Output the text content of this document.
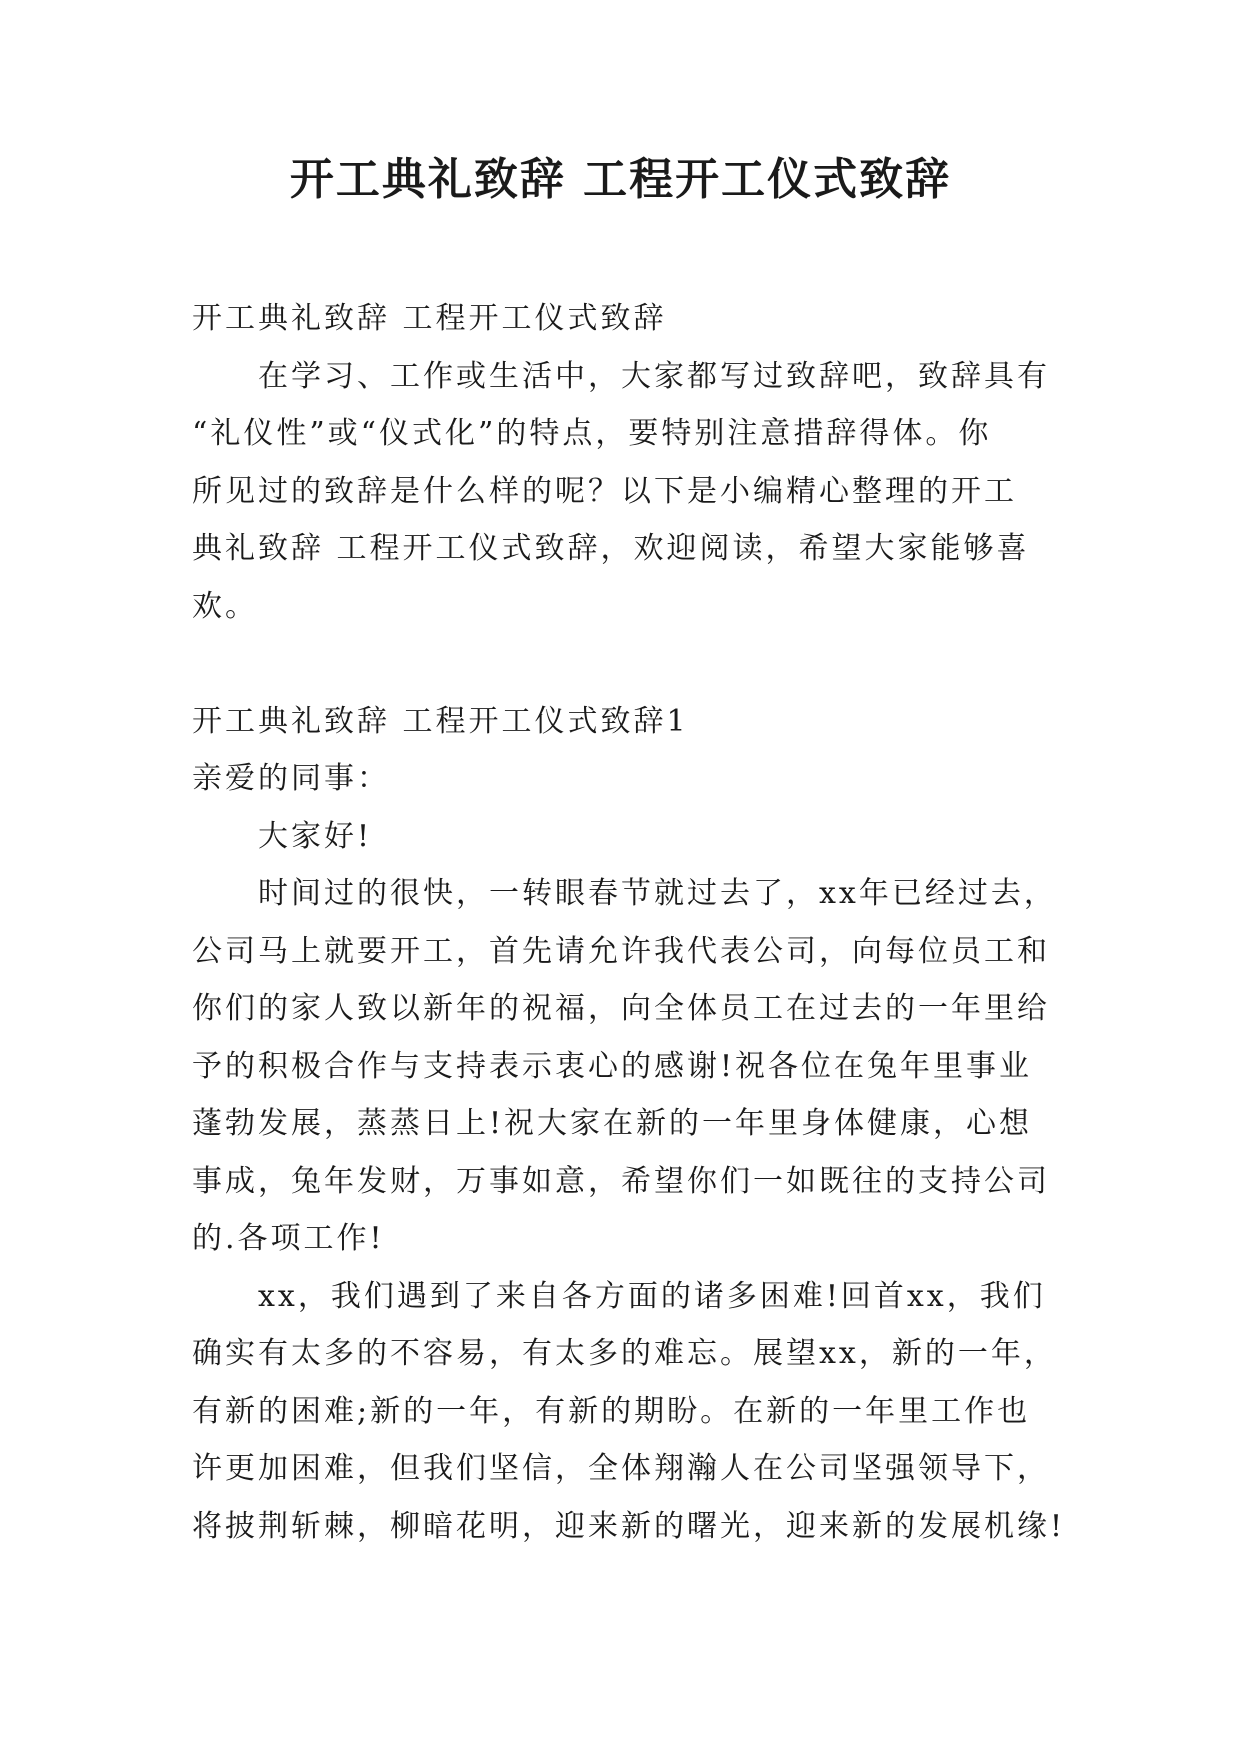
开工典礼致辞 工程开工仪式致辞
开工典礼致辞 工程开工仪式致辞
在学习、工作或生活中，大家都写过致辞吧，致辞具有
“礼仪性”或“仪式化”的特点，要特别注意措辞得体。你
所见过的致辞是什么样的呢？以下是小编精心整理的开工
典礼致辞 工程开工仪式致辞，欢迎阅读，希望大家能够喜
欢。
开工典礼致辞 工程开工仪式致辞1
亲爱的同事：
大家好!
时间过的很快，一转眼春节就过去了，xx年已经过去，
公司马上就要开工，首先请允许我代表公司，向每位员工和
你们的家人致以新年的祝福，向全体员工在过去的一年里给
予的积极合作与支持表示衷心的感谢!祝各位在兔年里事业
蓬勃发展，蒸蒸日上!祝大家在新的一年里身体健康，心想
事成，兔年发财，万事如意，希望你们一如既往的支持公司
的.各项工作!
xx，我们遇到了来自各方面的诸多困难!回首xx，我们
确实有太多的不容易，有太多的难忘。展望xx，新的一年，
有新的困难;新的一年，有新的期盼。在新的一年里工作也
许更加困难，但我们坚信，全体翔瀚人在公司坚强领导下，
将披荆斩棘，柳暗花明，迎来新的曙光，迎来新的发展机缘!
